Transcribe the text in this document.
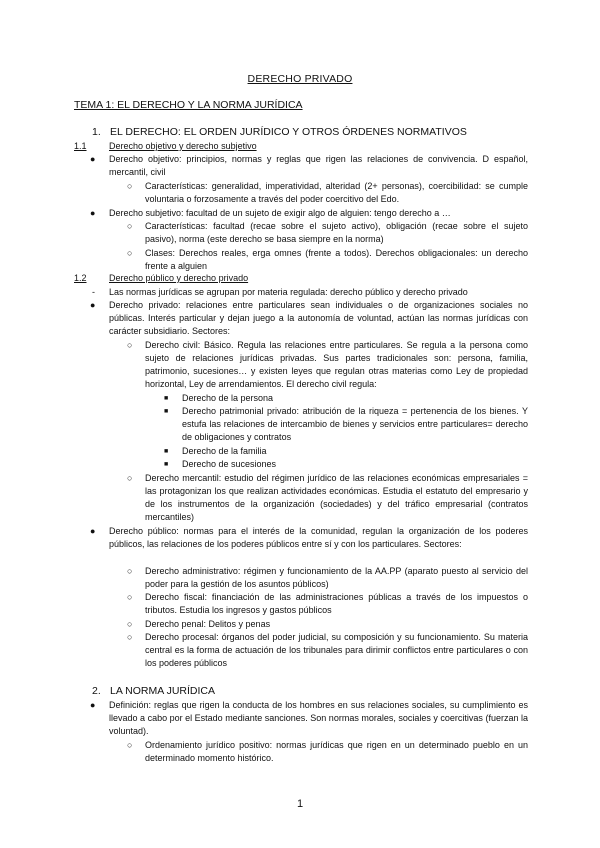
DERECHO PRIVADO
TEMA 1: EL DERECHO Y LA NORMA JURÍDICA
1. EL DERECHO: EL ORDEN JURÍDICO Y OTROS ÓRDENES NORMATIVOS
1.1 Derecho objetivo y derecho subjetivo
● Derecho objetivo: principios, normas y reglas que rigen las relaciones de convivencia. D español, mercantil, civil
○ Características: generalidad, imperatividad, alteridad (2+ personas), coercibilidad: se cumple voluntaria o forzosamente a través del poder coercitivo del Edo.
● Derecho subjetivo: facultad de un sujeto de exigir algo de alguien: tengo derecho a …
○ Características: facultad (recae sobre el sujeto activo), obligación (recae sobre el sujeto pasivo), norma (este derecho se basa siempre en la norma)
○ Clases: Derechos reales, erga omnes (frente a todos). Derechos obligacionales: un derecho frente a alguien
1.2 Derecho público y derecho privado
- Las normas jurídicas se agrupan por materia regulada: derecho público y derecho privado
● Derecho privado: relaciones entre particulares sean individuales o de organizaciones sociales no públicas. Interés particular y dejan juego a la autonomía de voluntad, actúan las normas jurídicas con carácter subsidiario. Sectores:
○ Derecho civil: Básico. Regula las relaciones entre particulares. Se regula a la persona como sujeto de relaciones jurídicas privadas. Sus partes tradicionales son: persona, familia, patrimonio, sucesiones… y existen leyes que regulan otras materias como Ley de propiedad horizontal, Ley de arrendamientos. El derecho civil regula:
■ Derecho de la persona
■ Derecho patrimonial privado: atribución de la riqueza = pertenencia de los bienes. Y estufa las relaciones de intercambio de bienes y servicios entre particulares= derecho de obligaciones y contratos
■ Derecho de la familia
■ Derecho de sucesiones
○ Derecho mercantil: estudio del régimen jurídico de las relaciones económicas empresariales = las protagonizan los que realizan actividades económicas. Estudia el estatuto del empresario y de los instrumentos de la organización (sociedades) y del tráfico empresarial (contratos mercantiles)
● Derecho público: normas para el interés de la comunidad, regulan la organización de los poderes públicos, las relaciones de los poderes públicos entre sí y con los particulares. Sectores:
○ Derecho administrativo: régimen y funcionamiento de la AA.PP (aparato puesto al servicio del poder para la gestión de los asuntos públicos)
○ Derecho fiscal: financiación de las administraciones públicas a través de los impuestos o tributos. Estudia los ingresos y gastos públicos
○ Derecho penal: Delitos y penas
○ Derecho procesal: órganos del poder judicial, su composición y su funcionamiento. Su materia central es la forma de actuación de los tribunales para dirimir conflictos entre particulares o con los poderes públicos
2. LA NORMA JURÍDICA
● Definición: reglas que rigen la conducta de los hombres en sus relaciones sociales, su cumplimiento es llevado a cabo por el Estado mediante sanciones. Son normas morales, sociales y coercitivas (fuerzan la voluntad).
○ Ordenamiento jurídico positivo: normas jurídicas que rigen en un determinado pueblo en un determinado momento histórico.
1
